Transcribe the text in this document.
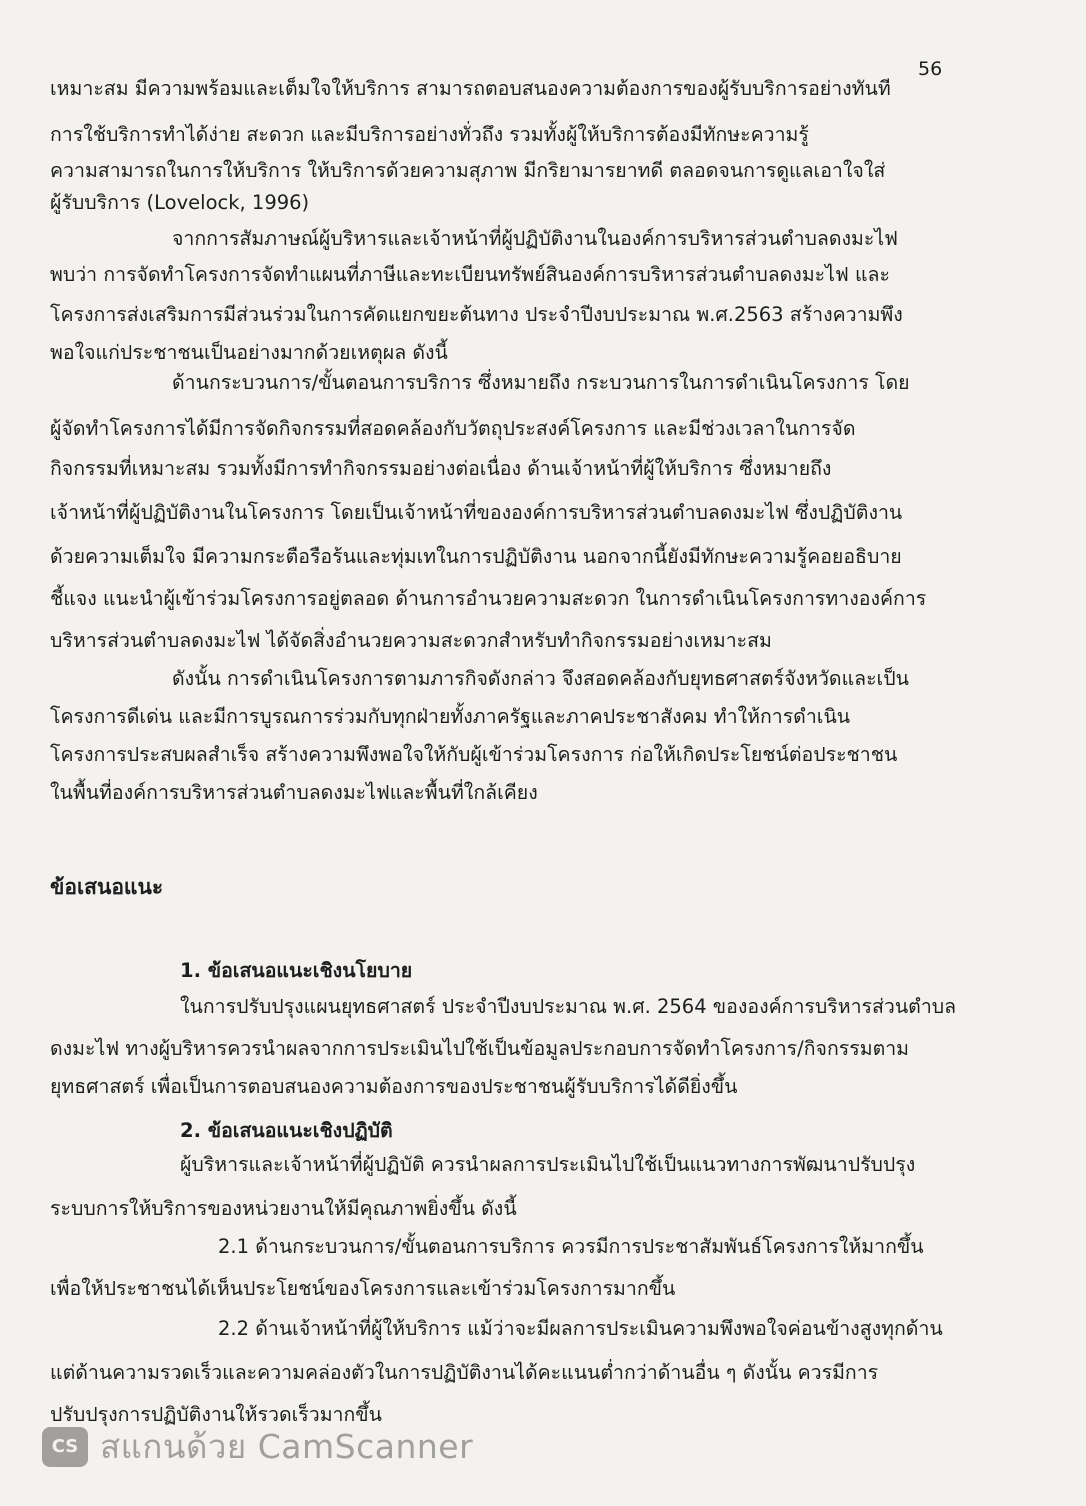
56
เหมาะสม มีความพร้อมและเต็มใจให้บริการ สามารถตอบสนองความต้องการของผู้รับบริการอย่างทันที
การใช้บริการทำได้ง่าย สะดวก และมีบริการอย่างทั่วถึง รวมทั้งผู้ให้บริการต้องมีทักษะความรู้
ความสามารถในการให้บริการ ให้บริการด้วยความสุภาพ มีกริยามารยาทดี ตลอดจนการดูแลเอาใจใส่
ผู้รับบริการ (Lovelock, 1996)
จากการสัมภาษณ์ผู้บริหารและเจ้าหน้าที่ผู้ปฏิบัติงานในองค์การบริหารส่วนตำบลดงมะไฟ
พบว่า การจัดทำโครงการจัดทำแผนที่ภาษีและทะเบียนทรัพย์สินองค์การบริหารส่วนตำบลดงมะไฟ และ
โครงการส่งเสริมการมีส่วนร่วมในการคัดแยกขยะต้นทาง ประจำปีงบประมาณ พ.ศ.2563 สร้างความพึง
พอใจแก่ประชาชนเป็นอย่างมากด้วยเหตุผล ดังนี้
ด้านกระบวนการ/ขั้นตอนการบริการ ซึ่งหมายถึง กระบวนการในการดำเนินโครงการ โดย
ผู้จัดทำโครงการได้มีการจัดกิจกรรมที่สอดคล้องกับวัตถุประสงค์โครงการ และมีช่วงเวลาในการจัด
กิจกรรมที่เหมาะสม รวมทั้งมีการทำกิจกรรมอย่างต่อเนื่อง ด้านเจ้าหน้าที่ผู้ให้บริการ ซึ่งหมายถึง
เจ้าหน้าที่ผู้ปฏิบัติงานในโครงการ โดยเป็นเจ้าหน้าที่ขององค์การบริหารส่วนตำบลดงมะไฟ ซึ่งปฏิบัติงาน
ด้วยความเต็มใจ มีความกระตือรือร้นและทุ่มเทในการปฏิบัติงาน นอกจากนี้ยังมีทักษะความรู้คอยอธิบาย
ชี้แจง แนะนำผู้เข้าร่วมโครงการอยู่ตลอด ด้านการอำนวยความสะดวก ในการดำเนินโครงการทางองค์การ
บริหารส่วนตำบลดงมะไฟ ได้จัดสิ่งอำนวยความสะดวกสำหรับทำกิจกรรมอย่างเหมาะสม
ดังนั้น การดำเนินโครงการตามภารกิจดังกล่าว จึงสอดคล้องกับยุทธศาสตร์จังหวัดและเป็น
โครงการดีเด่น และมีการบูรณการร่วมกับทุกฝ่ายทั้งภาครัฐและภาคประชาสังคม ทำให้การดำเนิน
โครงการประสบผลสำเร็จ สร้างความพึงพอใจให้กับผู้เข้าร่วมโครงการ ก่อให้เกิดประโยชน์ต่อประชาชน
ในพื้นที่องค์การบริหารส่วนตำบลดงมะไฟและพื้นที่ใกล้เคียง
ข้อเสนอแนะ
1. ข้อเสนอแนะเชิงนโยบาย
ในการปรับปรุงแผนยุทธศาสตร์ ประจำปีงบประมาณ พ.ศ. 2564 ขององค์การบริหารส่วนตำบล
ดงมะไฟ ทางผู้บริหารควรนำผลจากการประเมินไปใช้เป็นข้อมูลประกอบการจัดทำโครงการ/กิจกรรมตาม
ยุทธศาสตร์ เพื่อเป็นการตอบสนองความต้องการของประชาชนผู้รับบริการได้ดียิ่งขึ้น
2. ข้อเสนอแนะเชิงปฏิบัติ
ผู้บริหารและเจ้าหน้าที่ผู้ปฏิบัติ ควรนำผลการประเมินไปใช้เป็นแนวทางการพัฒนาปรับปรุง
ระบบการให้บริการของหน่วยงานให้มีคุณภาพยิ่งขึ้น ดังนี้
2.1 ด้านกระบวนการ/ขั้นตอนการบริการ ควรมีการประชาสัมพันธ์โครงการให้มากขึ้น
เพื่อให้ประชาชนได้เห็นประโยชน์ของโครงการและเข้าร่วมโครงการมากขึ้น
2.2 ด้านเจ้าหน้าที่ผู้ให้บริการ แม้ว่าจะมีผลการประเมินความพึงพอใจค่อนข้างสูงทุกด้าน
แต่ด้านความรวดเร็วและความคล่องตัวในการปฏิบัติงานได้คะแนนต่ำกว่าด้านอื่น ๆ ดังนั้น ควรมีการ
ปรับปรุงการปฏิบัติงานให้รวดเร็วมากขึ้น
CS สแกนด้วย CamScanner
